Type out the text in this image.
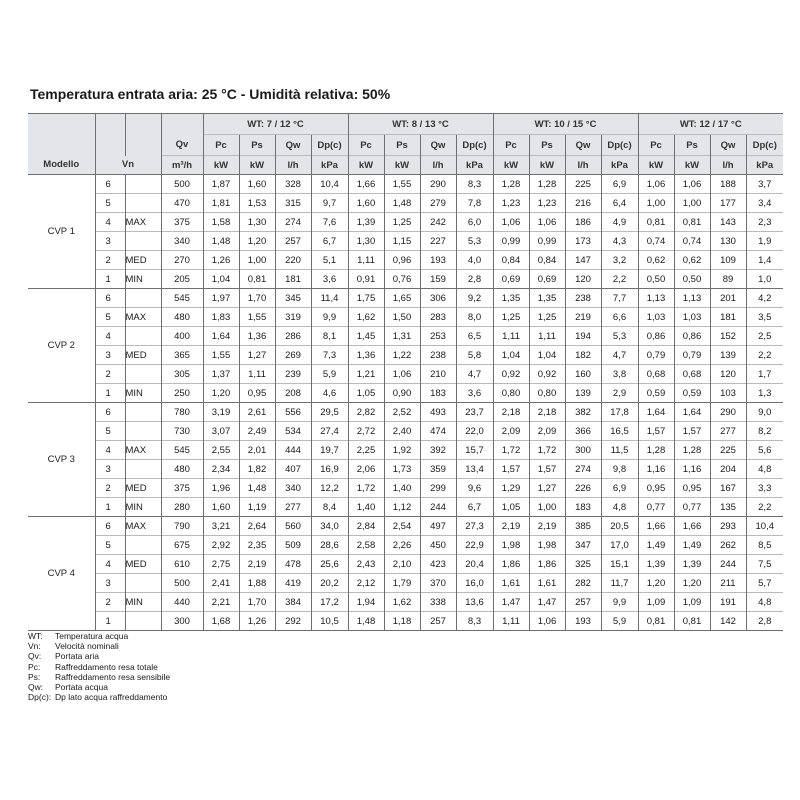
Temperatura entrata aria: 25 °C - Umidità relativa: 50%
				WT: 7 / 12 °C				WT: 8 / 13 °C				WT: 10 / 15 °C				WT: 12 / 17 °C			
			Qv	Pc	Ps	Qw	Dp(c)	Pc	Ps	Qw	Dp(c)	Pc	Ps	Qw	Dp(c)	Pc	Ps	Qw	Dp(c)
Modello	Vn		m³/h	kW	kW	l/h	kPa	kW	kW	l/h	kPa	kW	kW	l/h	kPa	kW	kW	l/h	kPa
CVP 1	6		500	1,87	1,60	328	10,4	1,66	1,55	290	8,3	1,28	1,28	225	6,9	1,06	1,06	188	3,7
	5		470	1,81	1,53	315	9,7	1,60	1,48	279	7,8	1,23	1,23	216	6,4	1,00	1,00	177	3,4
	4	MAX	375	1,58	1,30	274	7,6	1,39	1,25	242	6,0	1,06	1,06	186	4,9	0,81	0,81	143	2,3
	3		340	1,48	1,20	257	6,7	1,30	1,15	227	5,3	0,99	0,99	173	4,3	0,74	0,74	130	1,9
	2	MED	270	1,26	1,00	220	5,1	1,11	0,96	193	4,0	0,84	0,84	147	3,2	0,62	0,62	109	1,4
	1	MIN	205	1,04	0,81	181	3,6	0,91	0,76	159	2,8	0,69	0,69	120	2,2	0,50	0,50	89	1,0
CVP 2	6		545	1,97	1,70	345	11,4	1,75	1,65	306	9,2	1,35	1,35	238	7,7	1,13	1,13	201	4,2
	5	MAX	480	1,83	1,55	319	9,9	1,62	1,50	283	8,0	1,25	1,25	219	6,6	1,03	1,03	181	3,5
	4		400	1,64	1,36	286	8,1	1,45	1,31	253	6,5	1,11	1,11	194	5,3	0,86	0,86	152	2,5
	3	MED	365	1,55	1,27	269	7,3	1,36	1,22	238	5,8	1,04	1,04	182	4,7	0,79	0,79	139	2,2
	2		305	1,37	1,11	239	5,9	1,21	1,06	210	4,7	0,92	0,92	160	3,8	0,68	0,68	120	1,7
	1	MIN	250	1,20	0,95	208	4,6	1,05	0,90	183	3,6	0,80	0,80	139	2,9	0,59	0,59	103	1,3
CVP 3	6		780	3,19	2,61	556	29,5	2,82	2,52	493	23,7	2,18	2,18	382	17,8	1,64	1,64	290	9,0
	5		730	3,07	2,49	534	27,4	2,72	2,40	474	22,0	2,09	2,09	366	16,5	1,57	1,57	277	8,2
	4	MAX	545	2,55	2,01	444	19,7	2,25	1,92	392	15,7	1,72	1,72	300	11,5	1,28	1,28	225	5,6
	3		480	2,34	1,82	407	16,9	2,06	1,73	359	13,4	1,57	1,57	274	9,8	1,16	1,16	204	4,8
	2	MED	375	1,96	1,48	340	12,2	1,72	1,40	299	9,6	1,29	1,27	226	6,9	0,95	0,95	167	3,3
	1	MIN	280	1,60	1,19	277	8,4	1,40	1,12	244	6,7	1,05	1,00	183	4,8	0,77	0,77	135	2,2
CVP 4	6	MAX	790	3,21	2,64	560	34,0	2,84	2,54	497	27,3	2,19	2,19	385	20,5	1,66	1,66	293	10,4
	5		675	2,92	2,35	509	28,6	2,58	2,26	450	22,9	1,98	1,98	347	17,0	1,49	1,49	262	8,5
	4	MED	610	2,75	2,19	478	25,6	2,43	2,10	423	20,4	1,86	1,86	325	15,1	1,39	1,39	244	7,5
	3		500	2,41	1,88	419	20,2	2,12	1,79	370	16,0	1,61	1,61	282	11,7	1,20	1,20	211	5,7
	2	MIN	440	2,21	1,70	384	17,2	1,94	1,62	338	13,6	1,47	1,47	257	9,9	1,09	1,09	191	4,8
	1		300	1,68	1,26	292	10,5	1,48	1,18	257	8,3	1,11	1,06	193	5,9	0,81	0,81	142	2,8
WT:	Temperatura acqua
Vn:	Velocità nominali
Qv:	Portata aria
Pc:	Raffreddamento resa totale
Ps:	Raffreddamento resa sensibile
Qw:	Portata acqua
Dp(c): Dp lato acqua raffreddamento
